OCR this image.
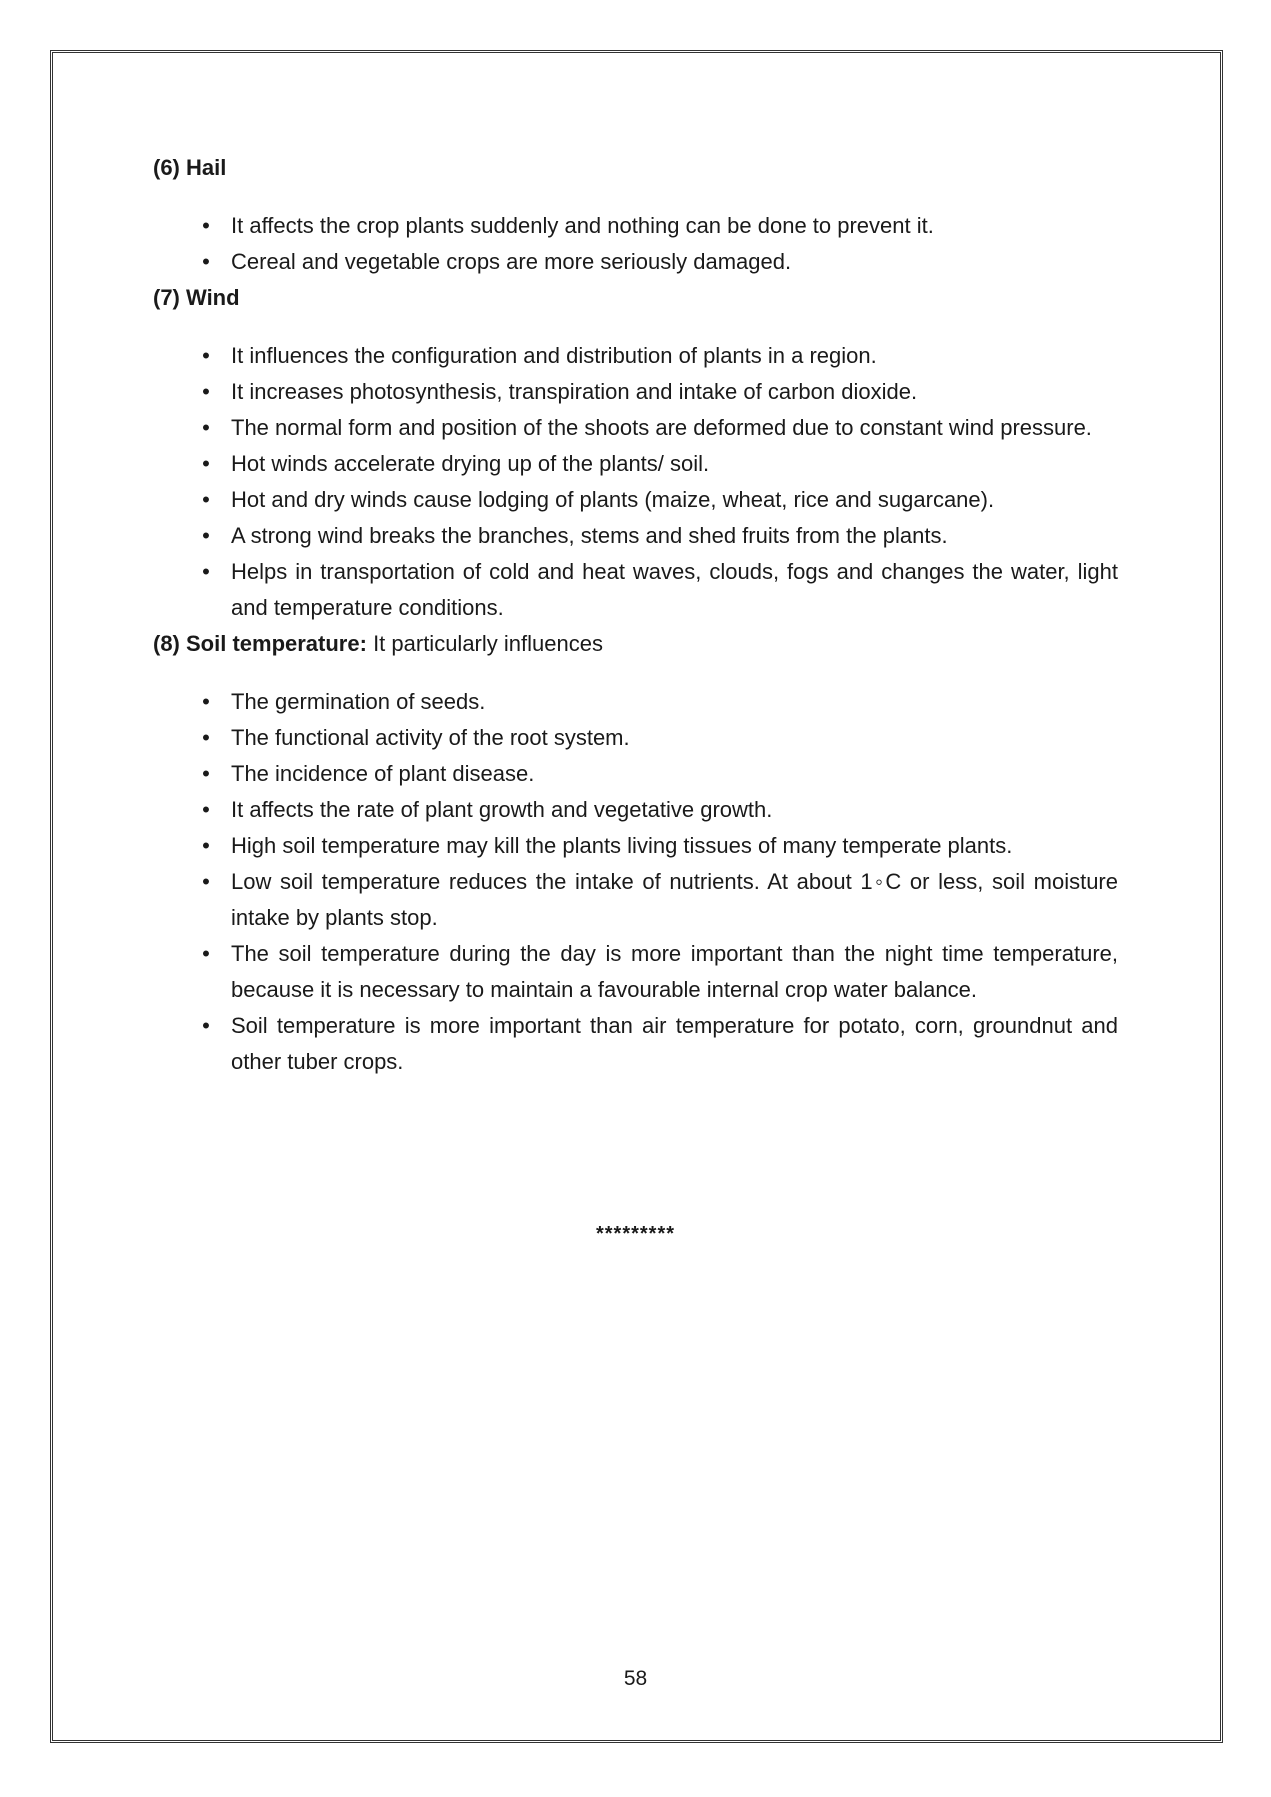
(6) Hail

• It affects the crop plants suddenly and nothing can be done to prevent it.
• Cereal and vegetable crops are more seriously damaged.

(7) Wind

• It influences the configuration and distribution of plants in a region.
• It increases photosynthesis, transpiration and intake of carbon dioxide.
• The normal form and position of the shoots are deformed due to constant wind pressure.
• Hot winds accelerate drying up of the plants/ soil.
• Hot and dry winds cause lodging of plants (maize, wheat, rice and sugarcane).
• A strong wind breaks the branches, stems and shed fruits from the plants.
• Helps in transportation of cold and heat waves, clouds, fogs and changes the water, light and temperature conditions.

(8) Soil temperature: It particularly influences

• The germination of seeds.
• The functional activity of the root system.
• The incidence of plant disease.
• It affects the rate of plant growth and vegetative growth.
• High soil temperature may kill the plants living tissues of many temperate plants.
• Low soil temperature reduces the intake of nutrients. At about 1◦C or less, soil moisture intake by plants stop.
• The soil temperature during the day is more important than the night time temperature, because it is necessary to maintain a favourable internal crop water balance.
• Soil temperature is more important than air temperature for potato, corn, groundnut and other tuber crops.
*********
58
